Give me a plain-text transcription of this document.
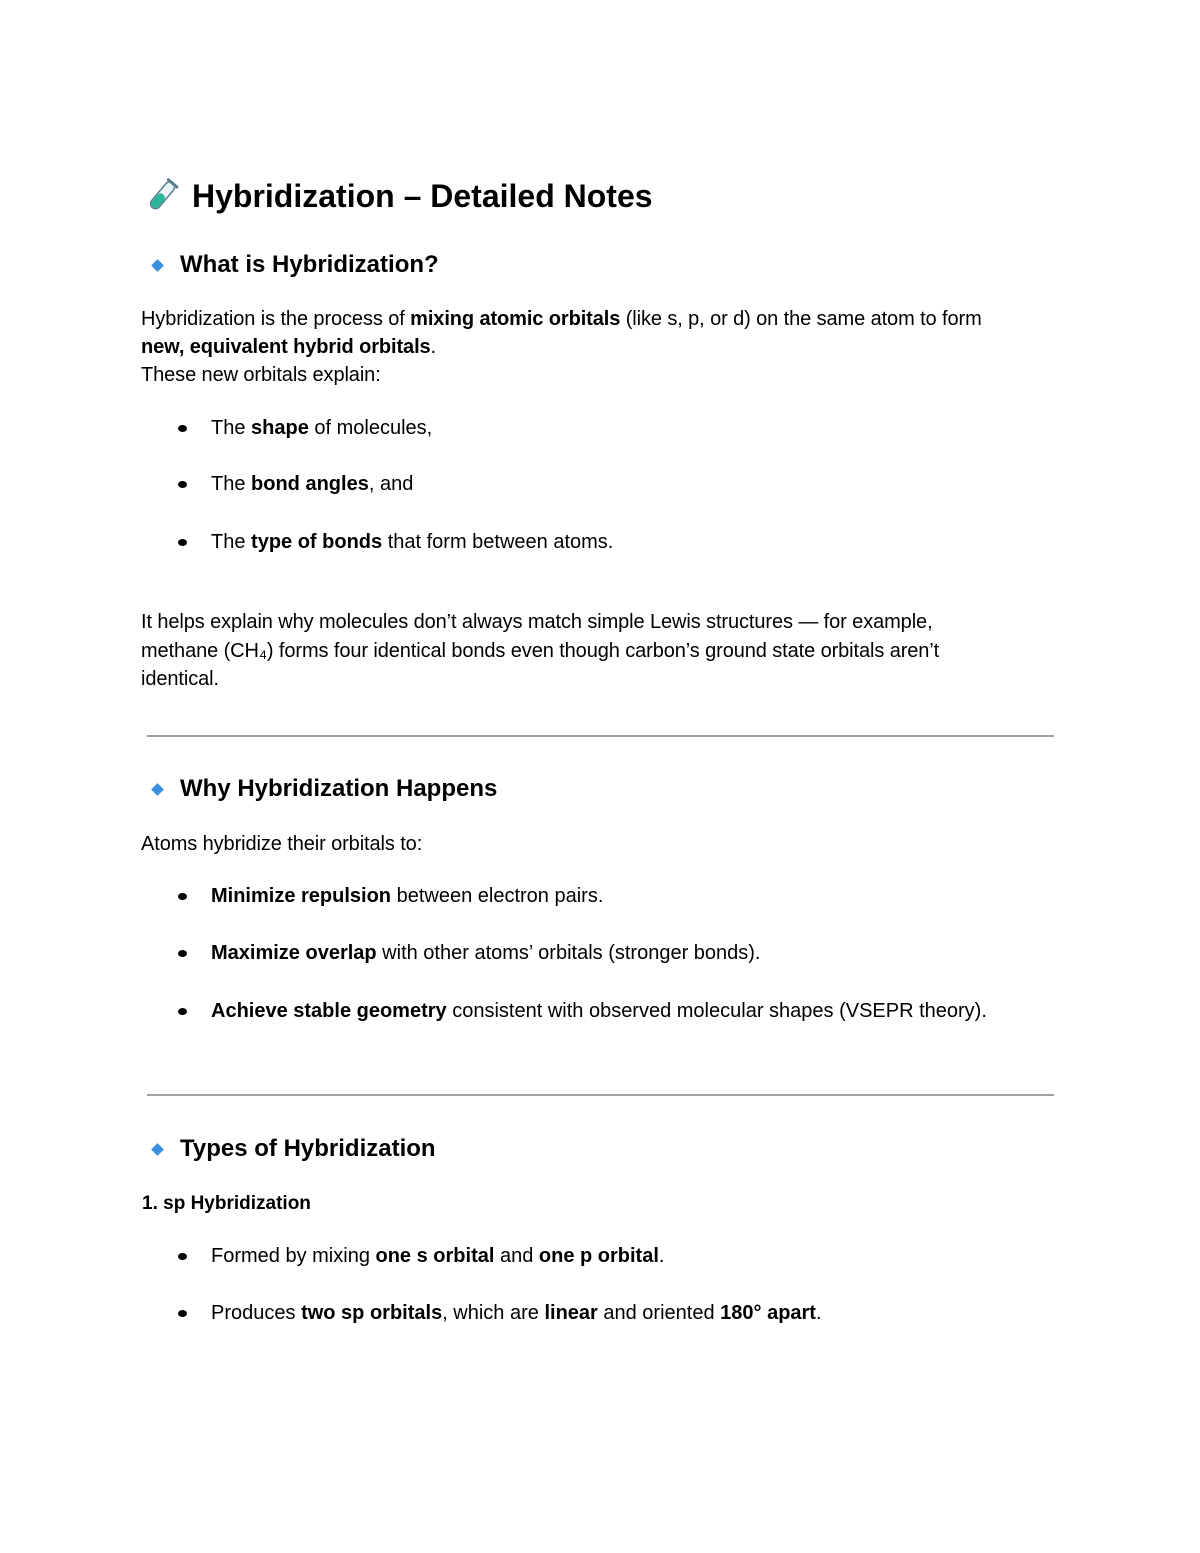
Hybridization – Detailed Notes
What is Hybridization?
Hybridization is the process of mixing atomic orbitals (like s, p, or d) on the same atom to form
new, equivalent hybrid orbitals.
These new orbitals explain:
The shape of molecules,
The bond angles, and
The type of bonds that form between atoms.
It helps explain why molecules don’t always match simple Lewis structures — for example,
methane (CH₄) forms four identical bonds even though carbon’s ground state orbitals aren’t
identical.
Why Hybridization Happens
Atoms hybridize their orbitals to:
Minimize repulsion between electron pairs.
Maximize overlap with other atoms’ orbitals (stronger bonds).
Achieve stable geometry consistent with observed molecular shapes (VSEPR theory).
Types of Hybridization
1. sp Hybridization
Formed by mixing one s orbital and one p orbital.
Produces two sp orbitals, which are linear and oriented 180° apart.
